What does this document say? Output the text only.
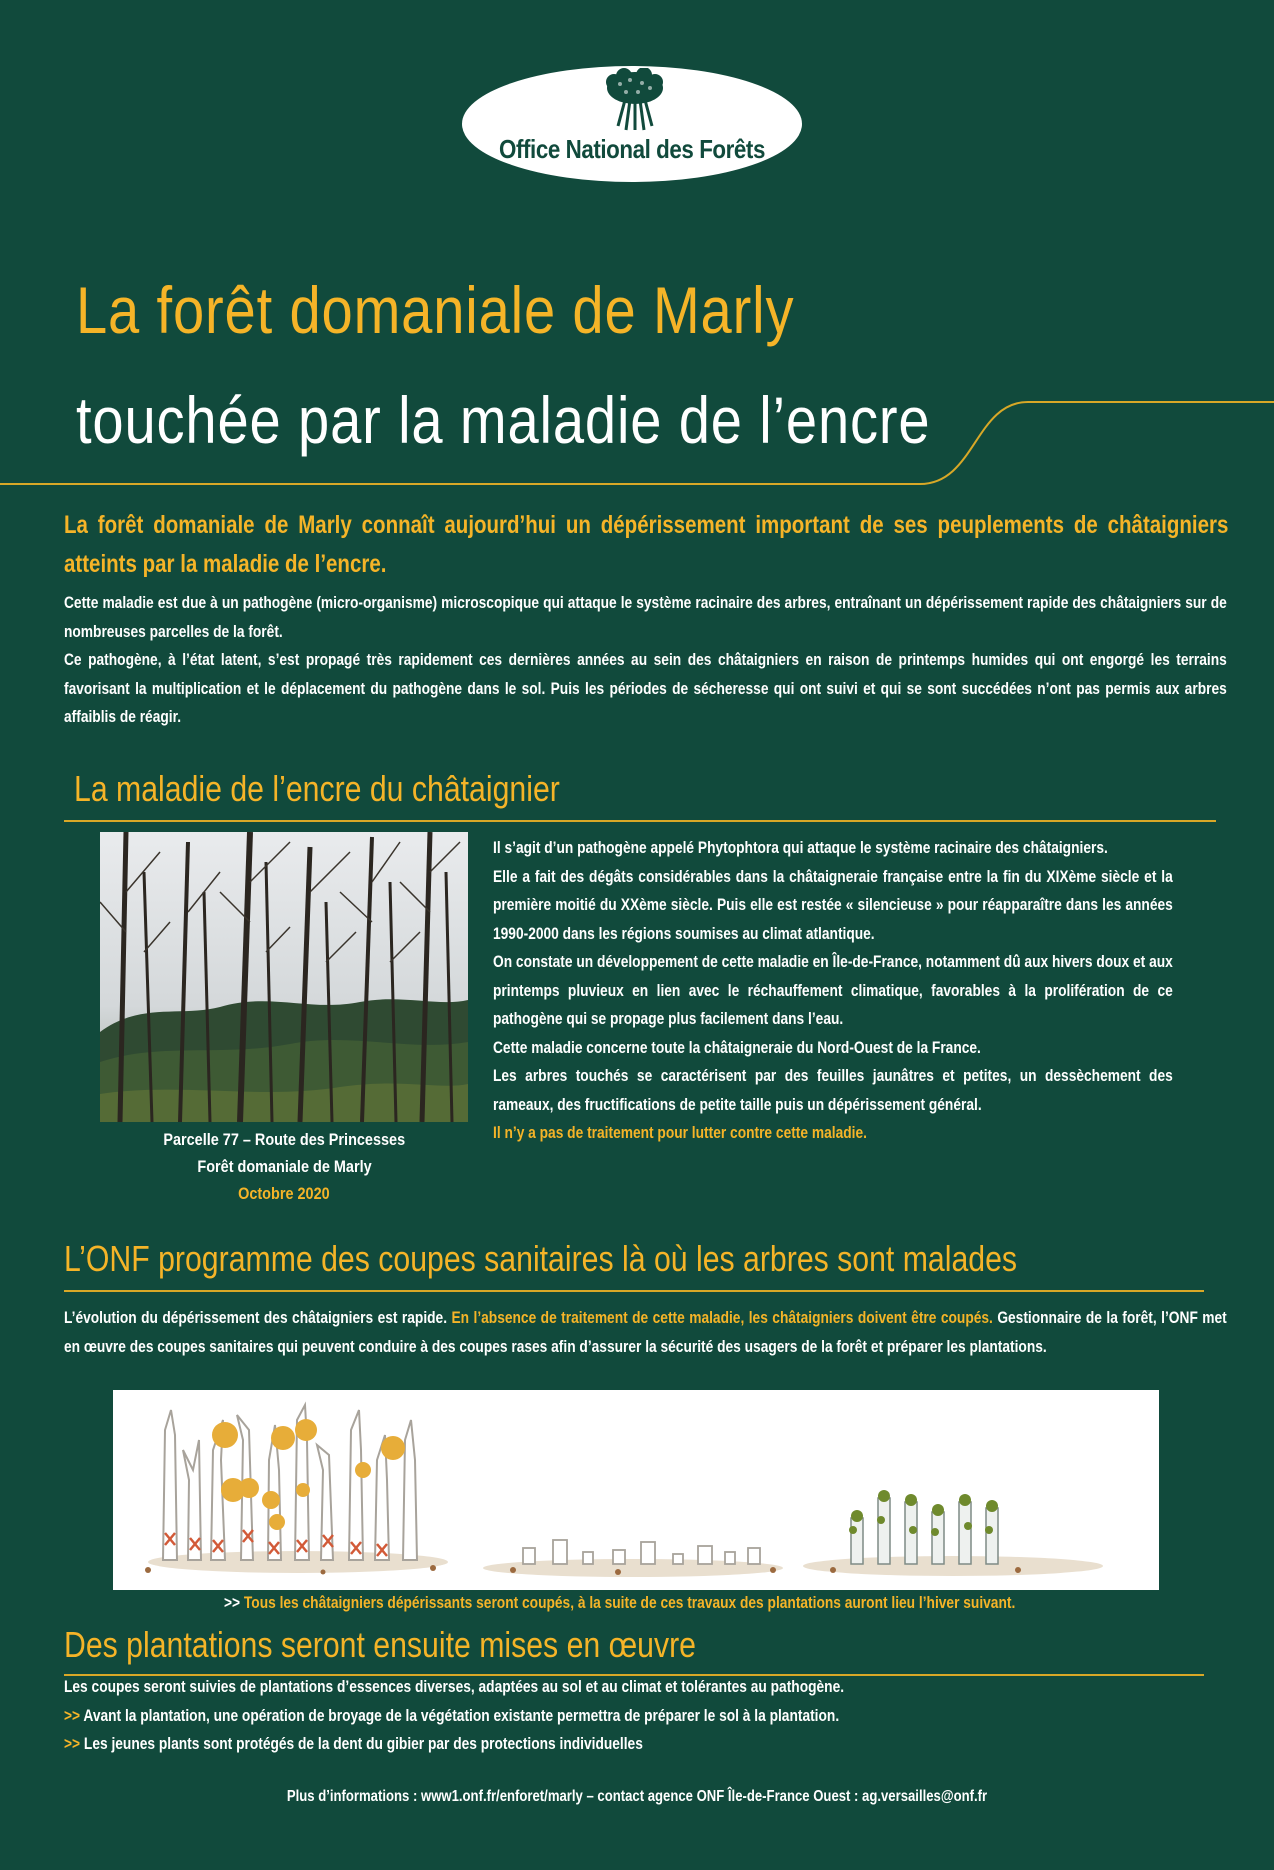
Office National des Forêts
La forêt domaniale de Marly
touchée par la maladie de l’encre
La forêt domaniale de Marly connaît aujourd’hui un dépérissement important de ses peuplements de châtaigniers atteints par la maladie de l’encre.
Cette maladie est due à un pathogène (micro-organisme) microscopique qui attaque le système racinaire des arbres, entraînant un dépérissement rapide des châtaigniers sur de nombreuses parcelles de la forêt.
Ce pathogène, à l’état latent, s’est propagé très rapidement ces dernières années au sein des châtaigniers en raison de printemps humides qui ont engorgé les terrains favorisant la multiplication et le déplacement du pathogène dans le sol. Puis les périodes de sécheresse qui ont suivi et qui se sont succédées n’ont pas permis aux arbres affaiblis de réagir.
La maladie de l’encre du châtaignier
Parcelle 77 – Route des Princesses
Forêt domaniale de Marly
Octobre 2020
Il s’agit d’un pathogène appelé Phytophtora qui attaque le système racinaire des châtaigniers.
Elle a fait des dégâts considérables dans la châtaigneraie française entre la fin du XIXème siècle et la première moitié du XXème siècle. Puis elle est restée « silencieuse » pour réapparaître dans les années 1990-2000 dans les régions soumises au climat atlantique.
On constate un développement de cette maladie en Île-de-France, notamment dû aux hivers doux et aux printemps pluvieux en lien avec le réchauffement climatique, favorables à la prolifération de ce pathogène qui se propage plus facilement dans l’eau.
Cette maladie concerne toute la châtaigneraie du Nord-Ouest de la France.
Les arbres touchés se caractérisent par des feuilles jaunâtres et petites, un dessèchement des rameaux, des fructifications de petite taille puis un dépérissement général.
Il n’y a pas de traitement pour lutter contre cette maladie.
L’ONF programme des coupes sanitaires là où les arbres sont malades
L’évolution du dépérissement des châtaigniers est rapide. En l’absence de traitement de cette maladie, les châtaigniers doivent être coupés. Gestionnaire de la forêt, l’ONF met en œuvre des coupes sanitaires qui peuvent conduire à des coupes rases afin d’assurer la sécurité des usagers de la forêt et préparer les plantations.
>> Tous les châtaigniers dépérissants seront coupés, à la suite de ces travaux des plantations auront lieu l’hiver suivant.
Des plantations seront ensuite mises en œuvre
Les coupes seront suivies de plantations d’essences diverses, adaptées au sol et au climat et tolérantes au pathogène.
>> Avant la plantation, une opération de broyage de la végétation existante permettra de préparer le sol à la plantation.
>> Les jeunes plants sont protégés de la dent du gibier par des protections individuelles
Plus d’informations : www1.onf.fr/enforet/marly – contact agence ONF Île-de-France Ouest : ag.versailles@onf.fr
